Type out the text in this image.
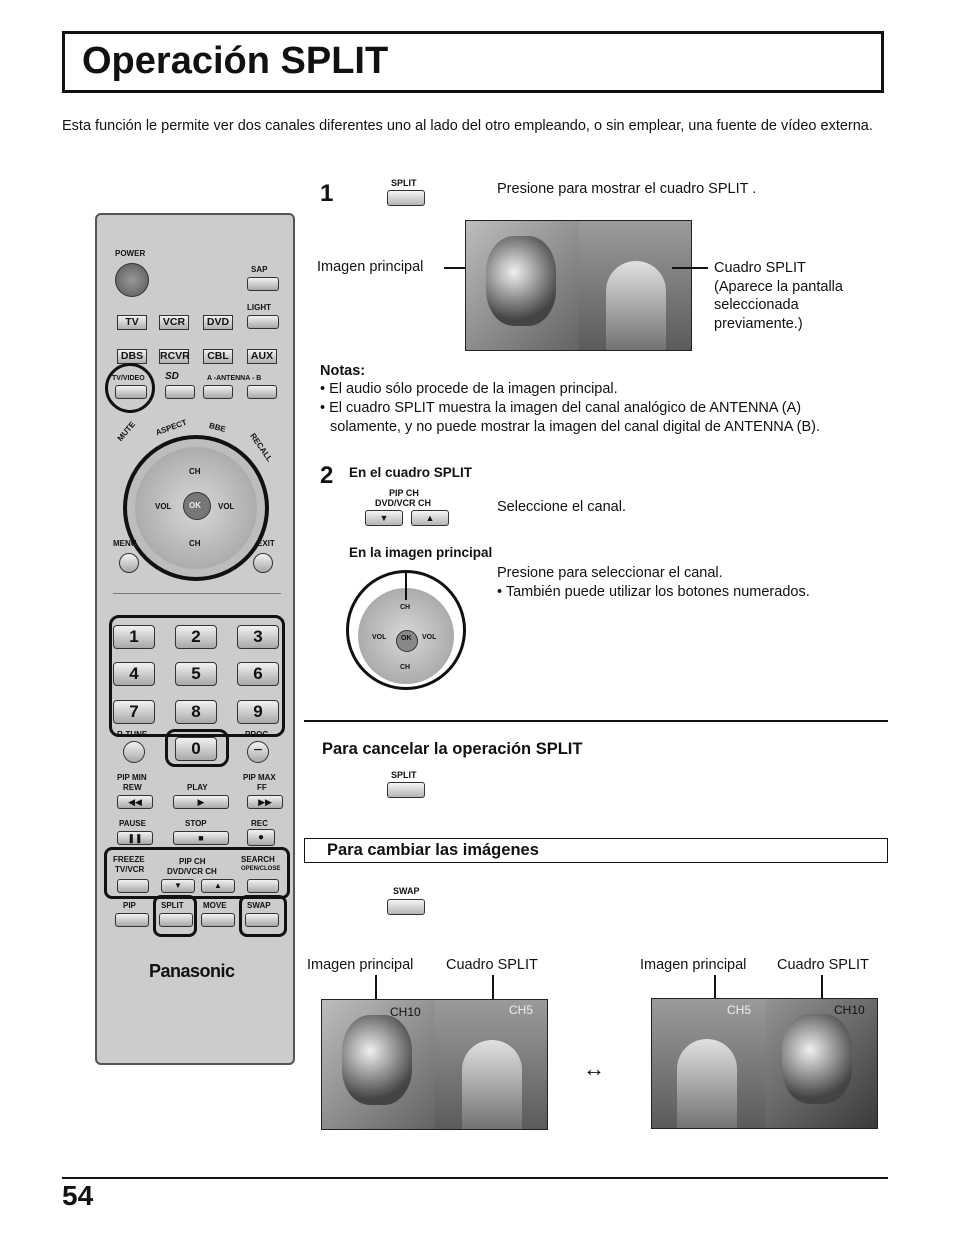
Operación SPLIT
Esta función le permite ver dos canales diferentes uno al lado del otro empleando, o sin emplear, una fuente de vídeo externa.
POWER
SAP
LIGHT
TV	VCR	DVD
DBS	RCVR	CBL	AUX
TV/VIDEO SD	A -ANTENNA - B
MUTE ASPECT	BBE
RECALL
CH
CH
VOL	VOL
OK
MENU	EXIT
1	2	3
4	5	6
7	8	9
R-TUNE
0
PROG
−
PIP MIN
REW
◀◀
PLAY
▶
PIP MAX
FF
▶▶
PAUSE
❚❚
STOP
■
REC
●
FREEZE
TV/VCR
PIP CH
DVD/VCR CH
SEARCH
OPEN/CLOSE
▼	▲
PIP	SPLIT MOVE	SWAP
Panasonic
1	SPLIT	Presione para mostrar el cuadro SPLIT .
Imagen principal	Cuadro SPLIT
(Aparece la pantalla
seleccionada
previamente.)
Notas:
• El audio sólo procede de la imagen principal.
• El cuadro SPLIT muestra la imagen del canal analógico de ANTENNA (A)
solamente, y no puede mostrar la imagen del canal digital de ANTENNA (B).
2 En el cuadro SPLIT
PIP CH
DVD/VCR CH
▼	▲
Seleccione el canal.
En la imagen principal
CH
CH
VOL	VOL
OK
Presione para seleccionar el canal.
• También puede utilizar los botones numerados.
Para cancelar la operación SPLIT
SPLIT
Para cambiar las imágenes
SWAP
Imagen principal Cuadro SPLIT
CH10	CH5
↔
Imagen principal Cuadro SPLIT
CH5	CH10
54
